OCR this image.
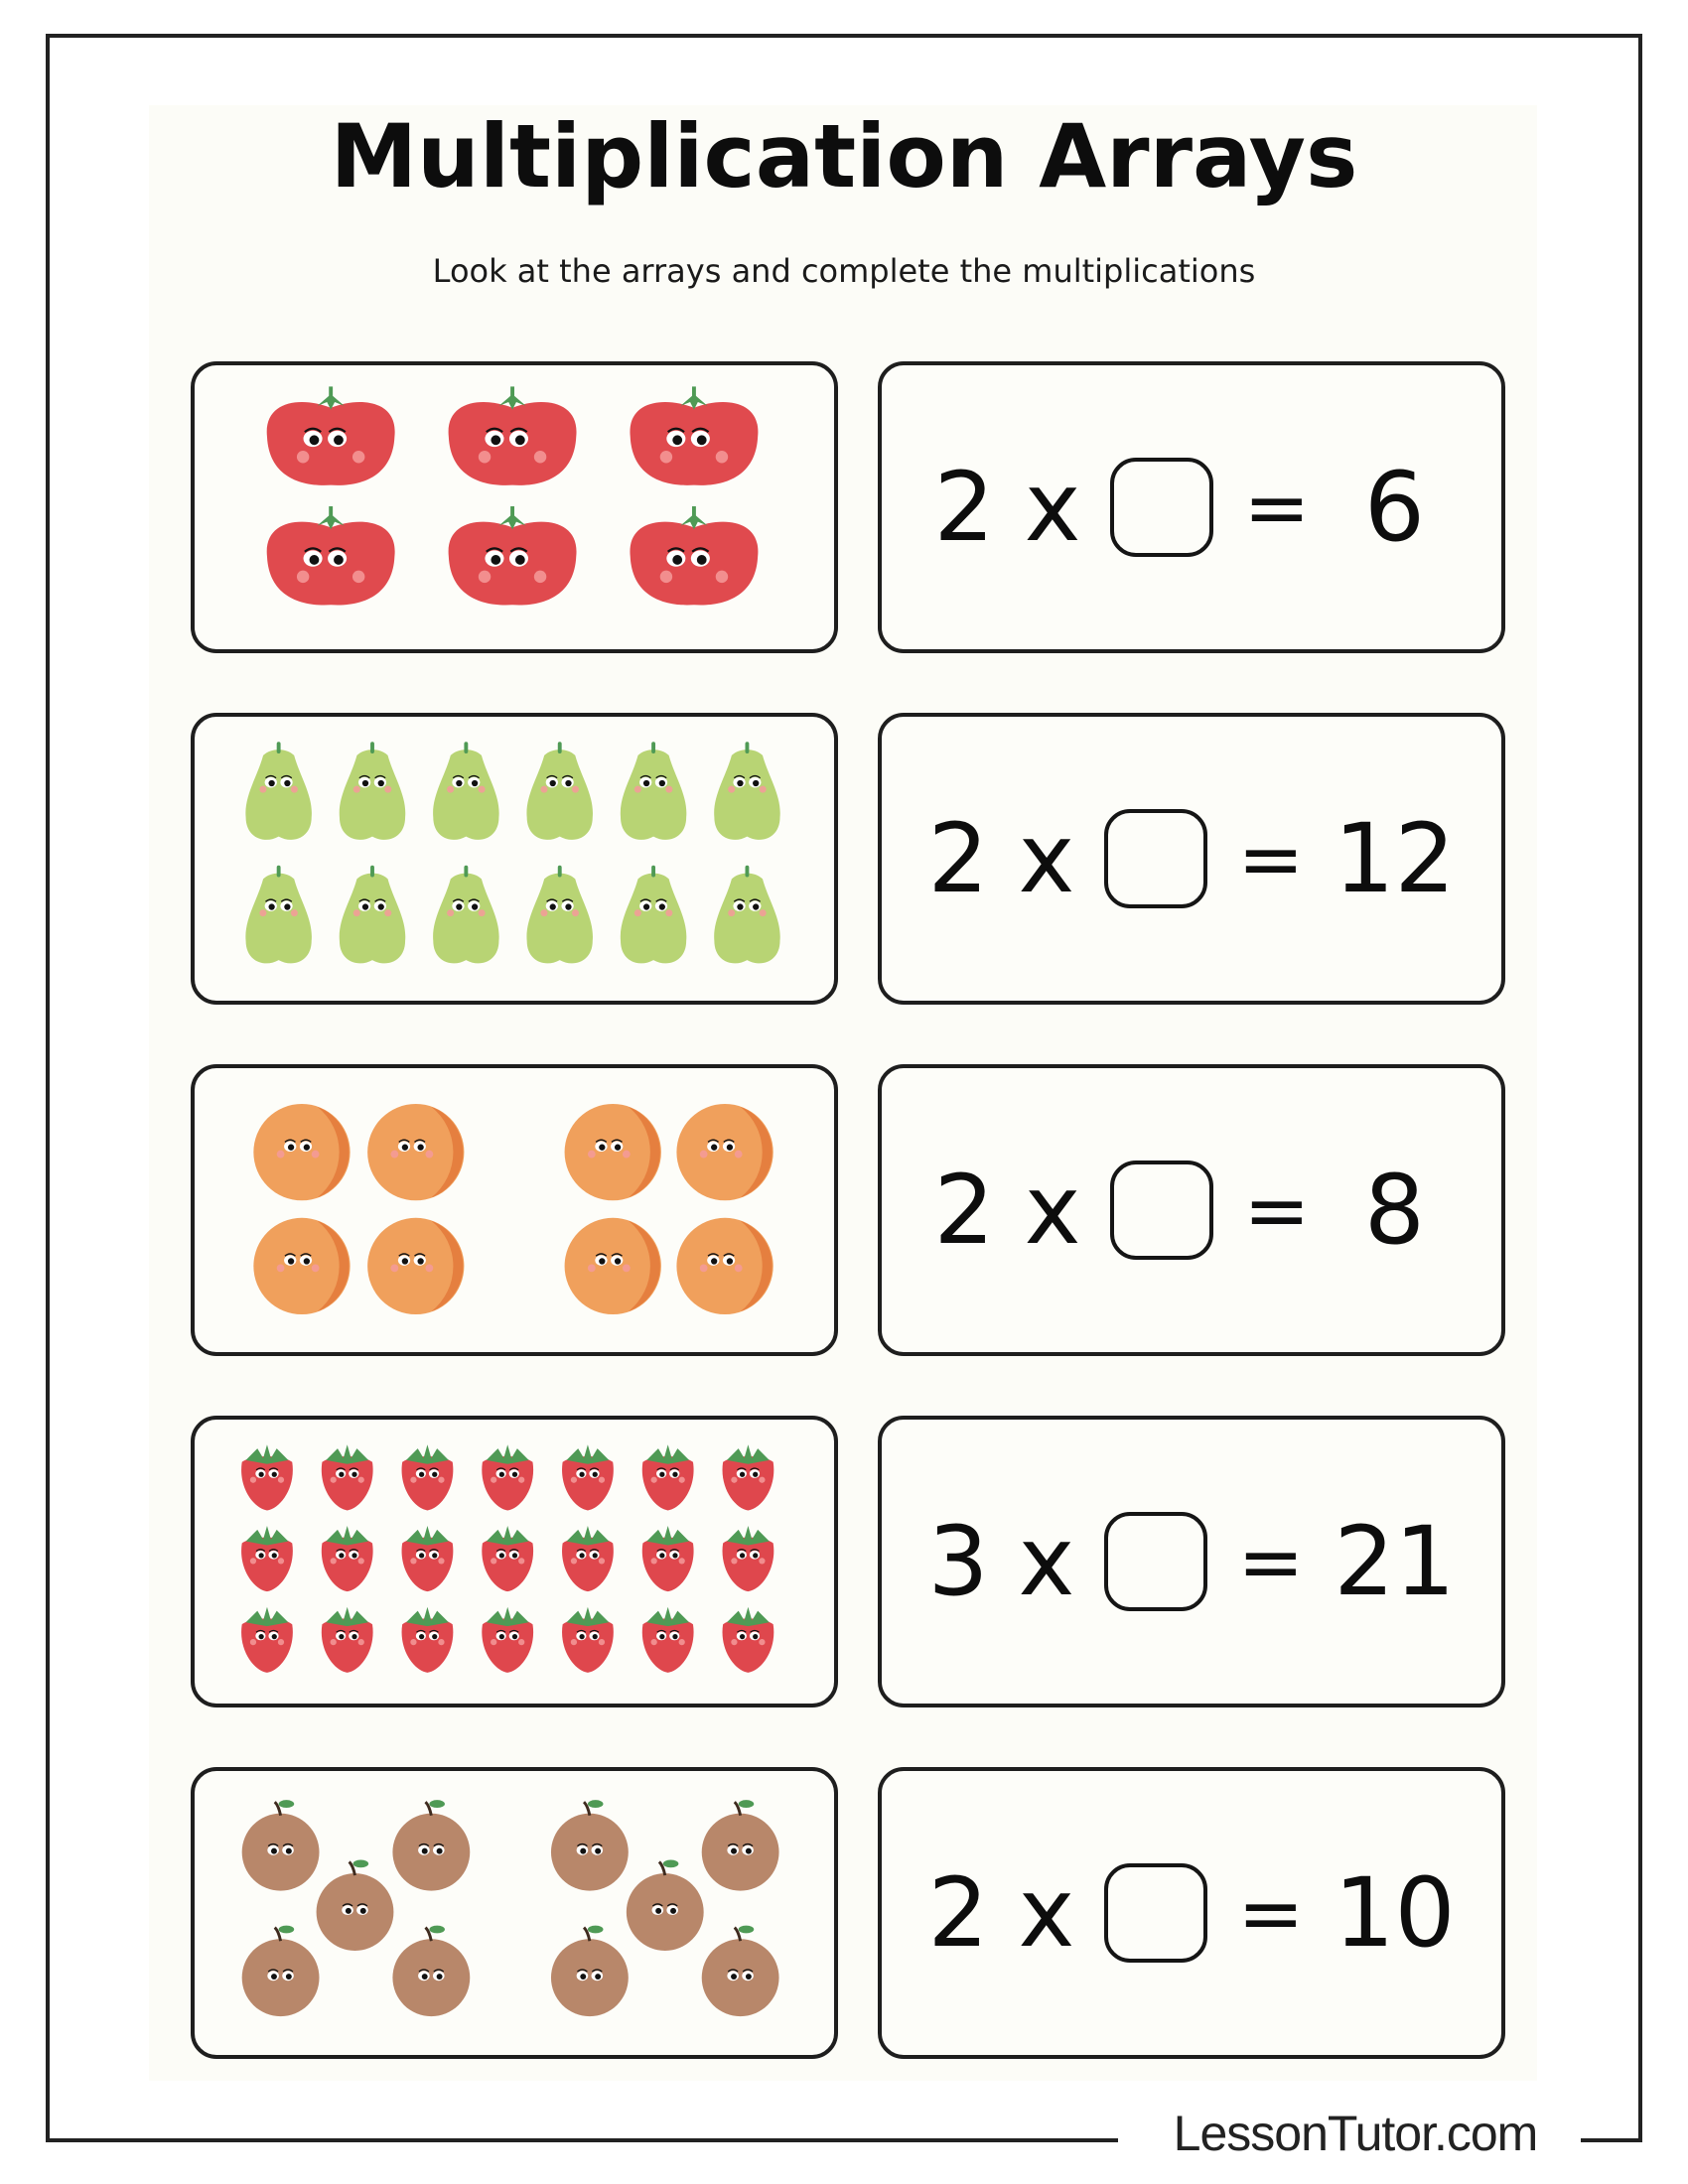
LessonTutor.com
Multiplication Arrays
Look at the arrays and complete the multiplications
2 x = 6
2 x = 12
2 x = 8
3 x = 21
2 x = 10
